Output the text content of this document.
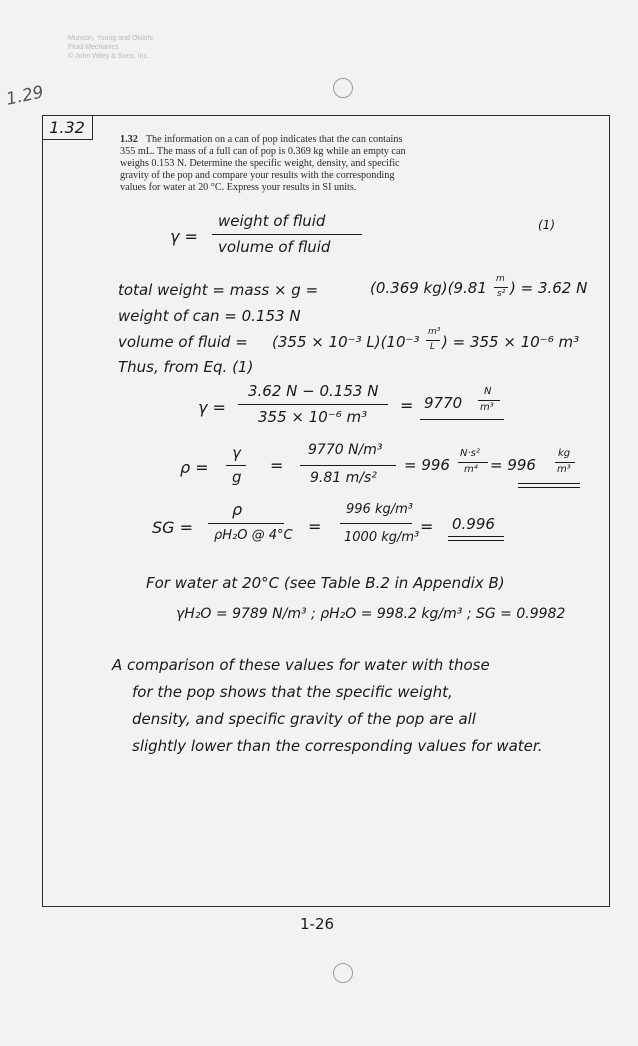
Munson, Young and Okiishi
Fluid Mechanics
© John Wiley & Sons, Inc.
1.29
1.32
1.32 The information on a can of pop indicates that the can contains 355 mL. The mass of a full can of pop is 0.369 kg while an empty can weighs 0.153 N. Determine the specific weight, density, and specific gravity of the pop and compare your results with the corresponding values for water at 20 °C. Express your results in SI units.
γ =
weight of fluid
volume of fluid
(1)
total weight = mass × g =	(0.369 kg)(9.81 m
s² ) = 3.62 N
weight of can = 0.153 N
volume of fluid = (355 × 10⁻³ L)(10⁻³
m³
L ) = 355 × 10⁻⁶ m³
Thus, from Eq. (1)
γ =
3.62 N − 0.153 N
355 × 10⁻⁶ m³
= 9770
N
m³
ρ =
γ
g
=
9770 N/m³
9.81 m/s²
= 996
N·s²
m⁴ = 996
kg
m³
SG =
ρ
ρH₂O @ 4°C =
996 kg/m³
1000 kg/m³
= 0.996
For water at 20°C (see Table B.2 in Appendix B)
γH₂O = 9789 N/m³ ; ρH₂O = 998.2 kg/m³ ; SG = 0.9982
A comparison of these values for water with those
for the pop shows that the specific weight,
density, and specific gravity of the pop are all
slightly lower than the corresponding values for water.
1-26
